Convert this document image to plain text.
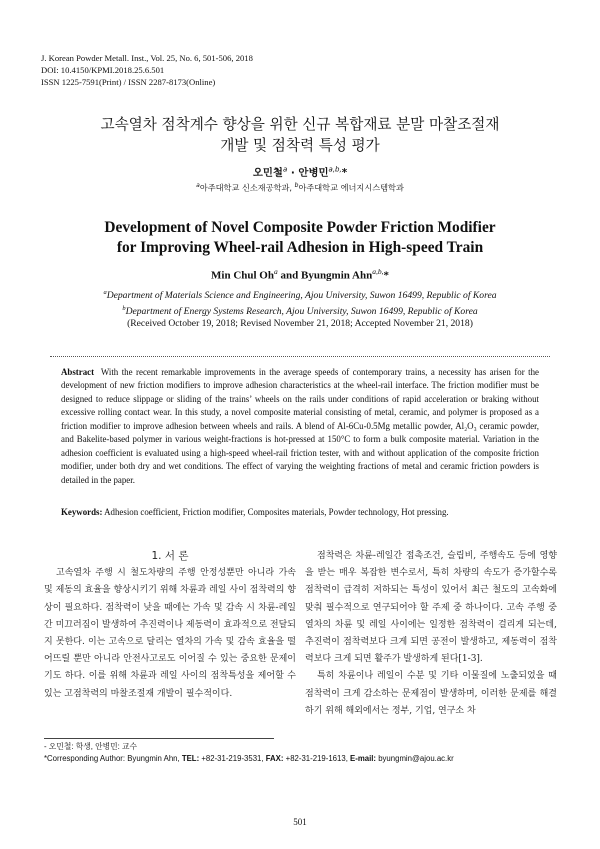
J. Korean Powder Metall. Inst., Vol. 25, No. 6, 501-506, 2018
DOI: 10.4150/KPMI.2018.25.6.501
ISSN 1225-7591(Print) / ISSN 2287-8173(Online)
고속열차 점착계수 향상을 위한 신규 복합재료 분말 마찰조절재
개발 및 점착력 특성 평가
오민철$^a$ · 안병민$^{a,b,}$*
$^a$아주대학교 신소재공학과, $^b$아주대학교 에너지시스템학과
Development of Novel Composite Powder Friction Modifier
for Improving Wheel-rail Adhesion in High-speed Train
Min Chul Oh$^a$ and Byungmin Ahn$^{a,b,}$*
$^a$Department of Materials Science and Engineering, Ajou University, Suwon 16499, Republic of Korea
$^b$Department of Energy Systems Research, Ajou University, Suwon 16499, Republic of Korea
(Received October 19, 2018; Revised November 21, 2018; Accepted November 21, 2018)
Abstract With the recent remarkable improvements in the average speeds of contemporary trains, a necessity has arisen for the development of new friction modifiers to improve adhesion characteristics at the wheel-rail interface. The friction modifier must be designed to reduce slippage or sliding of the trains’ wheels on the rails under conditions of rapid acceleration or braking without excessive rolling contact wear. In this study, a novel composite material consisting of metal, ceramic, and polymer is proposed as a friction modifier to improve adhesion between wheels and rails. A blend of Al-6Cu-0.5Mg metallic powder, Al₂O₃ ceramic powder, and Bakelite-based polymer in various weight-fractions is hot-pressed at 150°C to form a bulk composite material. Variation in the adhesion coefficient is evaluated using a high-speed wheel-rail friction tester, with and without application of the composite friction modifier, under both dry and wet conditions. The effect of varying the weighting fractions of metal and ceramic friction powders is detailed in the paper.
Keywords: Adhesion coefficient, Friction modifier, Composites materials, Powder technology, Hot pressing.

1. 서 론

고속열차 주행 시 철도차량의 주행 안정성뿐만 아니라 가속 및 제동의 효율을 향상시키기 위해 차륜과 레일 사이 점착력의 향상이 필요하다. 점착력이 낮을 때에는 가속 및 감속 시 차륜-레일간 미끄러짐이 발생하여 추진력이나 제동력이 효과적으로 전달되지 못한다. 이는 고속으로 달리는 열차의 가속 및 감속 효율을 떨어뜨릴 뿐만 아니라 안전사고로도 이어질 수 있는 중요한 문제이기도 하다. 이를 위해 차륜과 레일 사이의 점착특성을 제어할 수 있는 고점착력의 마찰조절재 개발이 필수적이다.

점착력은 차륜-레일간 접촉조건, 슬립비, 주행속도 등에 영향을 받는 매우 복잡한 변수로서, 특히 차량의 속도가 증가할수록 점착력이 급격히 저하되는 특성이 있어서 최근 철도의 고속화에 맞춰 필수적으로 연구되어야 할 주제 중 하나이다. 고속 주행 중 열차의 차륜 및 레일 사이에는 일정한 점착력이 걸리게 되는데, 추진력이 점착력보다 크게 되면 공전이 발생하고, 제동력이 점착력보다 크게 되면 활주가 발생하게 된다[1-3].

특히 차륜이나 레일이 수분 및 기타 이물질에 노출되었을 때 점착력이 크게 감소하는 문제점이 발생하며, 이러한 문제를 해결하기 위해 해외에서는 정부, 기업, 연구소 차

- 오민철: 학생, 안병민: 교수
*Corresponding Author: Byungmin Ahn, TEL: +82-31-219-3531, FAX: +82-31-219-1613, E-mail: byungmin@ajou.ac.kr
501
